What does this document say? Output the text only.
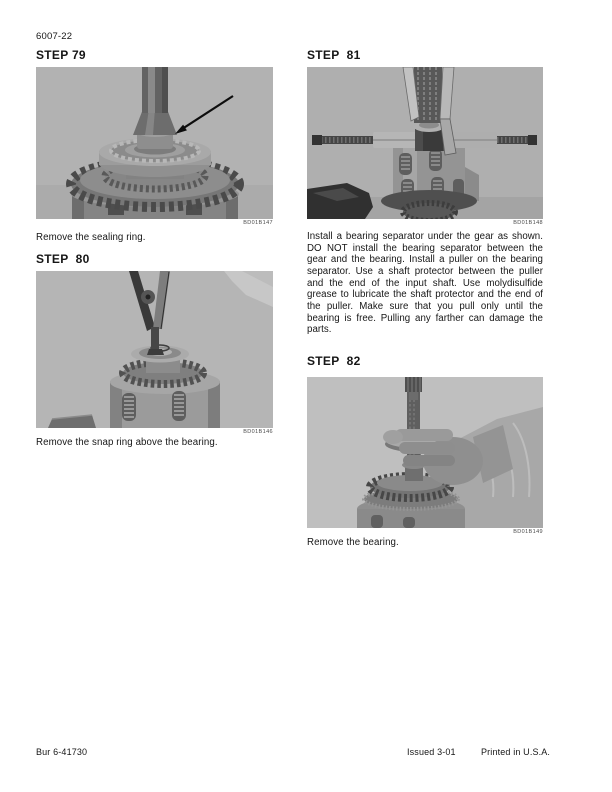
6007-22
STEP 79
BD01B147
Remove the sealing ring.
STEP  80
BD01B146
Remove the snap ring above the bearing.
STEP  81
BD01B148
Install a bearing separator under the gear as shown. DO NOT install the bearing separator between the gear and the bearing. Install a puller on the bearing separator. Use a shaft protector between the puller and the end of the input shaft. Use molydisulfide grease to lubricate the shaft protector and the end of the puller. Make sure that you pull only until the bearing is free. Pulling any farther can damage the parts.
STEP  82
BD01B149
Remove the bearing.
Bur 6-41730	Issued 3-01	Printed in U.S.A.
